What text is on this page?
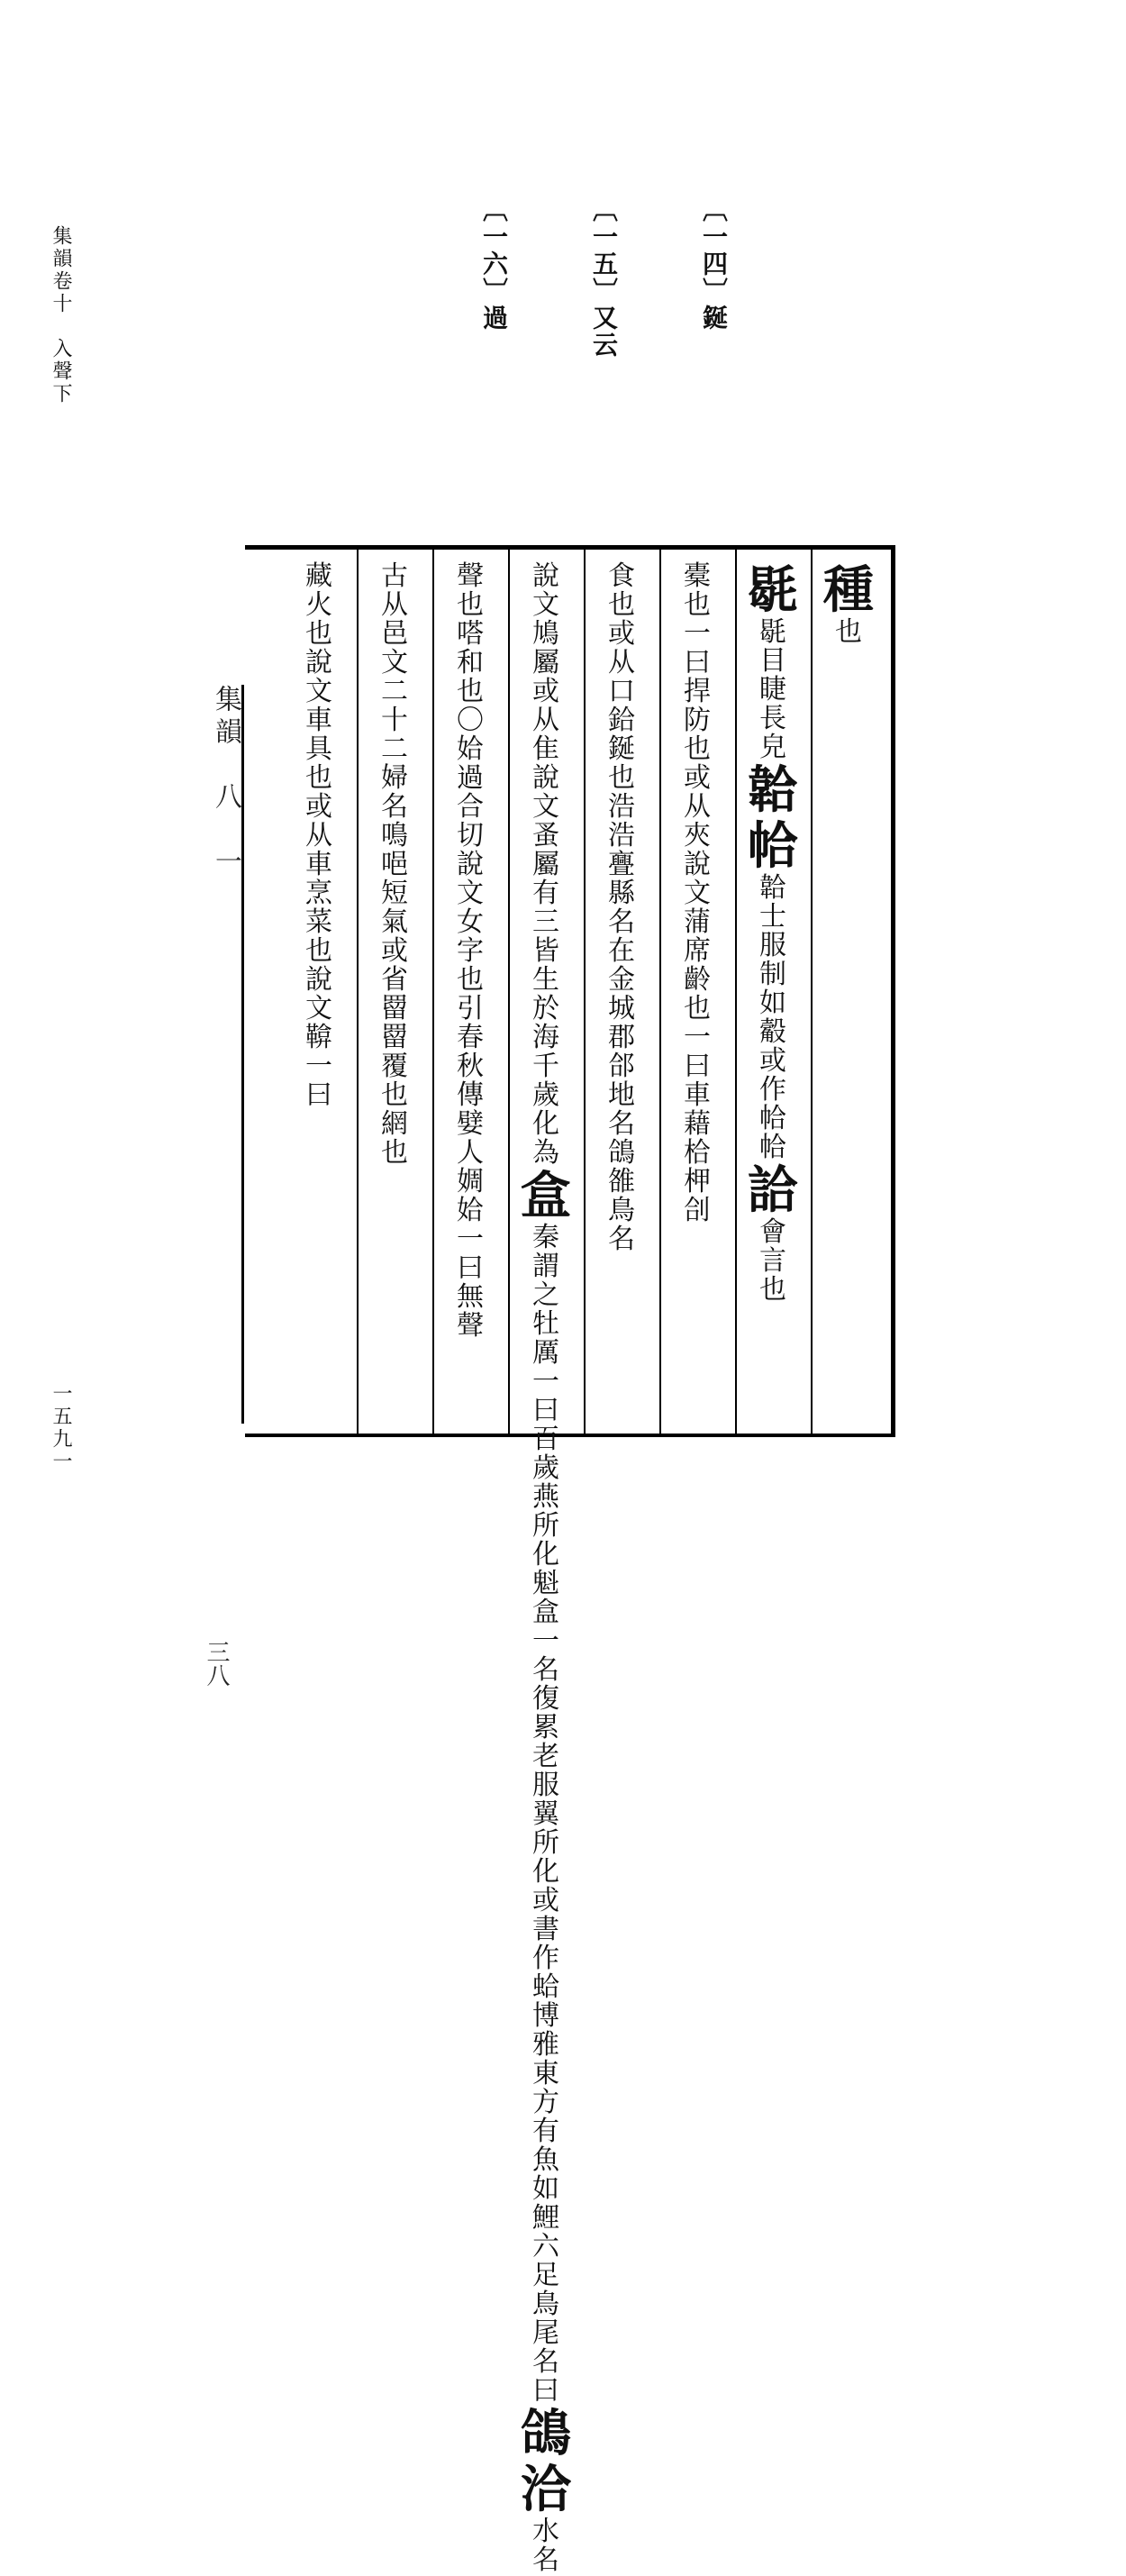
集韻卷十　入聲下
一五九一
〔一四〕鋋
〔一五〕又云
〔一六〕過
集韻　八　一
三八
種
也
毼
毼
目
睫
長
皃
韐
帢
韐
士
服
制
如
觳
或
作
帢
帢
詥
會
言
也
橐
也
一
曰
捍
防
也
或
从
夾
說
文
蒲
席
齡
也
一
曰
車
藉
㭘
柙
㓣
食
也
或
从
口
鉿
鋋
也
浩
浩
亹
縣
名
在
金
城
郡
郃
地
名
鴿
雒
鳥
名
說
文
鳩
屬
或
从
隹
說
文
蚤
屬
有
三
皆
生
於
海
千
歲
化
為
盒
秦
謂
之
牡
厲
一
曰
百
歲
燕
所
化
魁
盒
一
名
復
累
老
服
翼
所
化
或
書
作
蛤
博
雅
東
方
有
魚
如
鯉
六
足
鳥
尾
名
曰
鴿
洽
水
名
聲
也
嗒
和
也
〇
姶
過
合
切
說
文
女
字
也
引
春
秋
傳
嬖
人
婤
姶
一
曰
無
聲
古
从
邑
文
二
十
二
婦
名
鳴
唈
短
氣
或
省
罶
罶
覆
也
網
也
藏
火
也
說
文
車
具
也
或
从
車
烹
菜
也
說
文
鞥
一
曰
